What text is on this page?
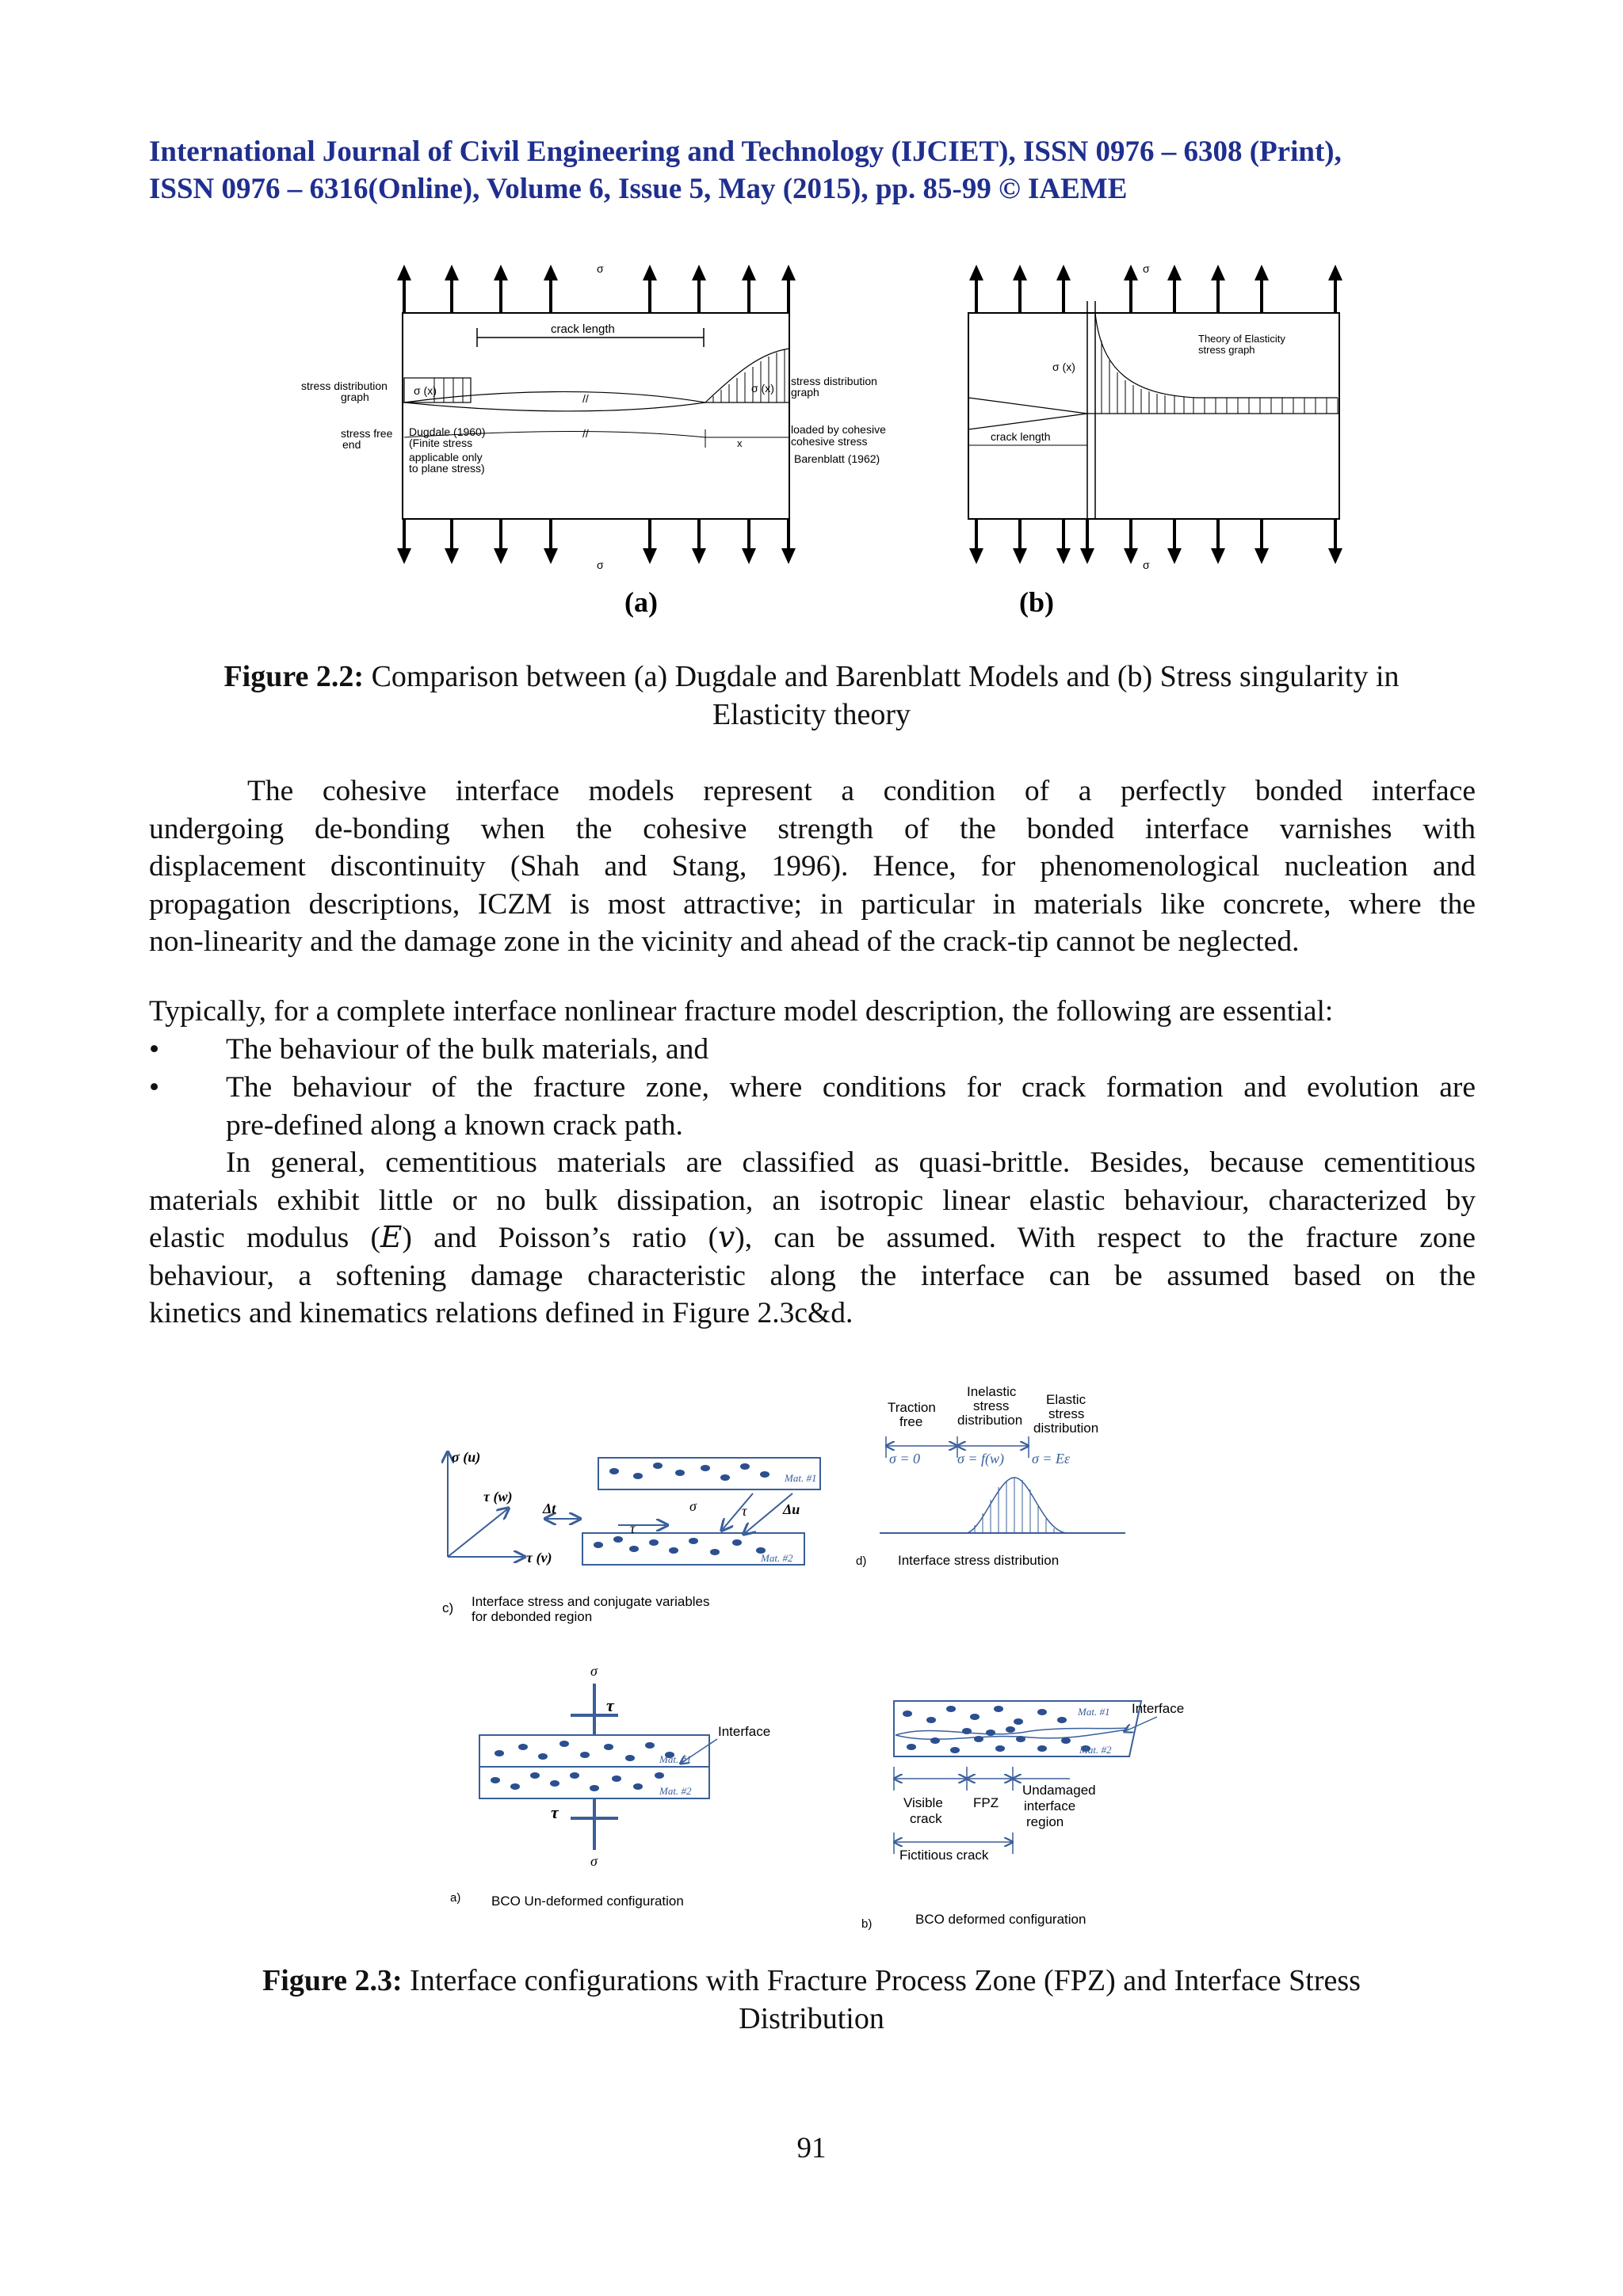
International Journal of Civil Engineering and Technology (IJCIET), ISSN 0976 – 6308 (Print),
ISSN 0976 – 6316(Online), Volume 6, Issue 5, May (2015), pp. 85-99 © IAEME
σ
σ
crack length
σ (x)	σ (x)
//
//
x
stress distribution
graph
stress free
end
Dugdale (1960)
(Finite stress
applicable only
to plane stress)
stress distribution
graph
loaded by cohesive
cohesive stress
Barenblatt (1962)
(a)
σ
σ
σ (x)
Theory of Elasticity
stress graph
crack length
(b)
Figure 2.2: Comparison between (a) Dugdale and Barenblatt Models and (b) Stress singularity in
Elasticity theory
The cohesive interface models represent a condition of a perfectly bonded interface
undergoing de-bonding when the cohesive strength of the bonded interface varnishes with
displacement discontinuity (Shah and Stang, 1996). Hence, for phenomenological nucleation and
propagation descriptions, ICZM is most attractive; in particular in materials like concrete, where the
non-linearity and the damage zone in the vicinity and ahead of the crack-tip cannot be neglected.
Typically, for a complete interface nonlinear fracture model description, the following are essential:
• The behaviour of the bulk materials, and
• The behaviour of the fracture zone, where conditions for crack formation and evolution are
pre-defined along a known crack path.
In general, cementitious materials are classified as quasi-brittle. Besides, because cementitious
materials exhibit little or no bulk dissipation, an isotropic linear elastic behaviour, characterized by
elastic modulus (𝐸) and Poisson’s ratio (𝑣), can be assumed. With respect to the fracture zone
behaviour, a softening damage characteristic along the interface can be assumed based on the
kinetics and kinematics relations defined in Figure 2.3c&d.
σ (u)
τ (w)
τ (v)
Mat. #1
Mat. #2
Δt	σ	τ
τ
Δu
c) Interface stress and conjugate variables
for debonded region
Inelastic
stress
distribution
Traction
free
Elastic
stress
distribution
σ = 0	σ = f(w) σ = Eε
d) Interface stress distribution
σ
τ
τ
σ
Mat. #1
Mat. #2
Interface
a) BCO Un-deformed configuration
Mat. #1
Mat. #2
Interface
Visible
crack
FPZ
Undamaged
interface
region
Fictitious crack
b)	BCO deformed configuration
Figure 2.3: Interface configurations with Fracture Process Zone (FPZ) and Interface Stress
Distribution
91
